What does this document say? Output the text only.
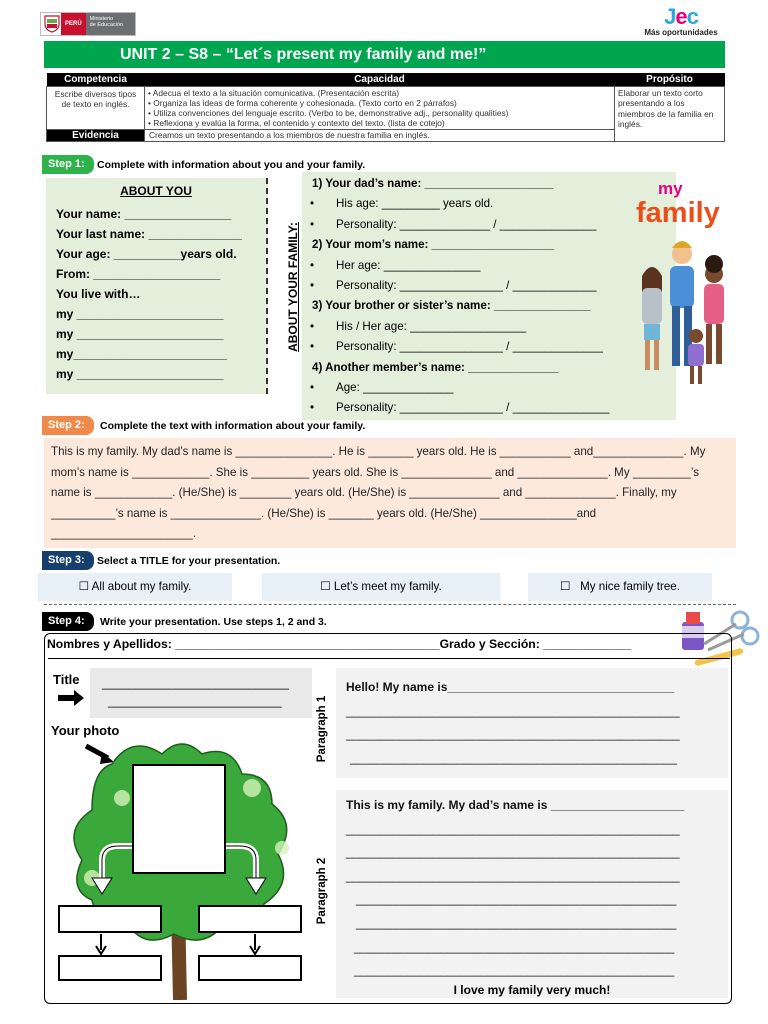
PERÚ
Ministerio
de Educación	Jec
Más oportunidades
UNIT 2 – S8 – “Let´s present my family and me!”
Competencia	Capacidad	Propósito
Escribe diversos tipos de texto en inglés.	• Adecua el texto a la situación comunicativa. (Presentación escrita)
• Organiza las ideas de forma coherente y cohesionada. (Texto corto en 2 párrafos)
• Utiliza convenciones del lenguaje escrito. (Verbo to be, demonstrative adj., personality qualities)
• Reflexiona y evalúa la forma, el contenido y contexto del texto. (lista de cotejo)	Elaborar un texto corto presentando a los miembros de la familia en inglés.
Evidencia	Creamos un texto presentando a los miembros de nuestra familia en inglés.	
Step 1:	Complete with information about you and your family.
ABOUT YOU
Your name: ________________
Your last name: ______________
Your age: __________years old.
From: ___________________
You live with…
my ______________________
my ______________________
my_______________________
my ______________________
ABOUT YOUR FAMILY:
1) Your dad’s name: ____________________
• His age: _________ years old.
• Personality: ______________ / _______________
2) Your mom’s name: ___________________
• Her age: _______________
• Personality: ________________ / _____________
3) Your brother or sister’s name: _______________
• His / Her age: __________________
• Personality: ________________ / ______________
4) Another member’s name: ______________
• Age: ______________
• Personality: ________________ / _______________
my
family
Step 2:	Complete the text with information about your family.

This is my family. My dad’s name is _______________. He is _______ years old. He is ___________ and______________. My mom’s name is ____________. She is _________ years old. She is ______________ and ______________. My _________’s name is ____________. (He/She) is ________ years old. (He/She) is ______________ and ______________. Finally, my __________’s name is ______________. (He/She) is _______ years old. (He/She) _______________and ______________________.

Step 3:	Select a TITLE for your presentation.
☐ All about my family.	☐ Let’s meet my family.	☐   My nice family tree.
Step 4:	Write your presentation. Use steps 1, 2 and 3.
Nombres y Apellidos: _______________________________________Grado y Sección: _____________
Title ____________________________
__________________________
Your photo	Paragraph 1
Paragraph 2
Hello! My name is__________________________________
__________________________________________________
__________________________________________________
_________________________________________________
This is my family. My dad’s name is ____________________
__________________________________________________
__________________________________________________
__________________________________________________
________________________________________________
________________________________________________
________________________________________________
________________________________________________
I love my family very much!
